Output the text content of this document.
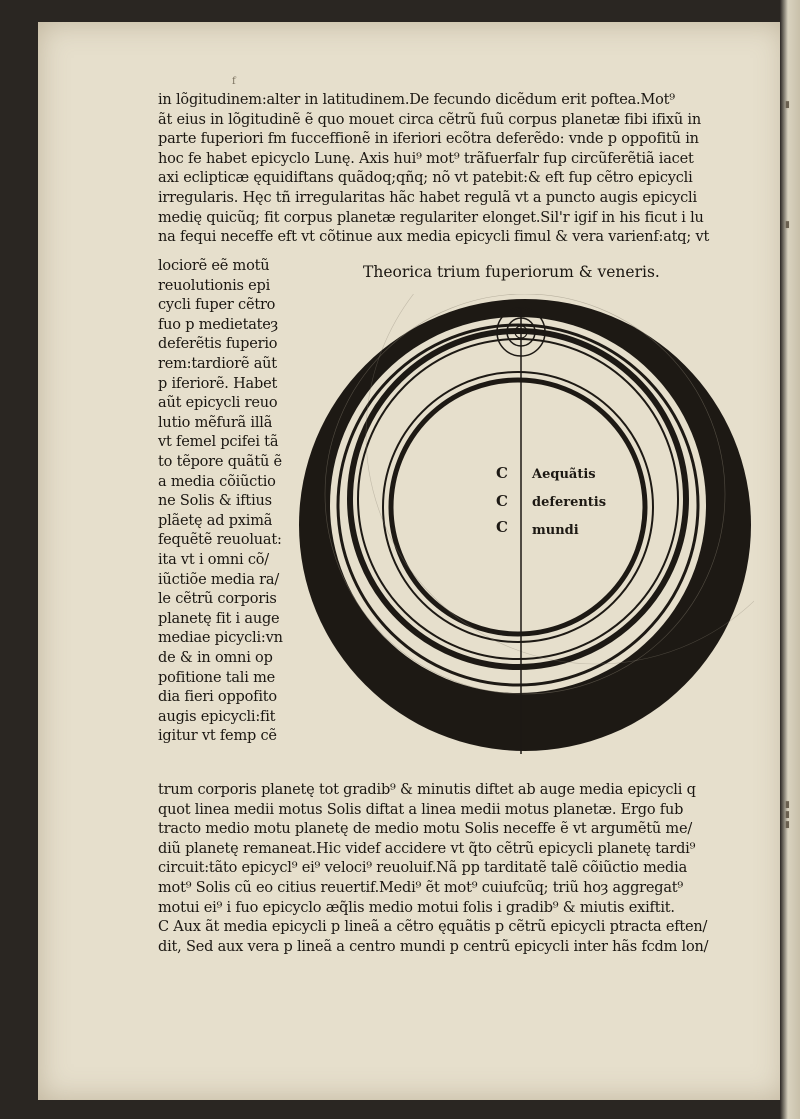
▮
▮
▮
▮
▮
f
in lõgitudinem:alter in latitudinem.De fecundo dicẽdum erit poftea.Mot⁹
ãt eius in lõgitudinẽ ẽ quo mouet circa cẽtrũ fuũ corpus planetæ fibi ifixũ in
parte fuperiori fm fucceffionẽ in iferiori ecõtra deferẽdo: vnde p oppofitũ in
hoc fe habet epicyclo Lunę. Axis hui⁹ mot⁹ trãfuerfalr fup circũferẽtiã iacet
axi eclipticæ ęquidiftans quãdoq;qñq; nõ vt patebit:& eft fup cẽtro epicycli
irregularis. Hęc tñ irregularitas hãc habet regulã vt a puncto augis epicycli
medię quicũq; fit corpus planetæ regulariter elonget.Sil'r igif in his ficut i lu
na fequi neceffe eft vt cõtinue aux media epicycli fimul & vera varienf:atq; vt
Theorica trium fuperiorum & veneris.
C
C
C
Aequãtis
deferentis
mundi
lociorẽ eẽ motũ
reuolutionis epi
cycli fuper cẽtro
fuo p medietateȝ
deferẽtis fuperio
rem:tardiorẽ aũt
p iferiorẽ. Habet
aũt epicycli reuo
lutio mẽfurã illã
vt femel pcifei tã
to tẽpore quãtũ ẽ
a media cõiũctio
ne Solis & iftius
plãetę ad pximã
fequẽtẽ reuoluat:
ita vt i omni cõ/
iũctiõe media ra/
le cẽtrũ corporis
planetę fit i auge
mediae picycli:vn
de & in omni op
pofitione tali me
dia fieri oppofito
augis epicycli:fit
igitur vt femp cẽ
trum corporis planetę tot gradib⁹ & minutis diftet ab auge media epicycli q
quot linea medii motus Solis diftat a linea medii motus planetæ. Ergo fub
tracto medio motu planetę de medio motu Solis neceffe ẽ vt argumẽtũ me/
diũ planetę remaneat.Hic videf accidere vt q̃to cẽtrũ epicycli planetę tardi⁹
circuit:tãto epicycl⁹ ei⁹ veloci⁹ reuoluif.Nã pp tarditatẽ talẽ cõiũctio media
mot⁹ Solis cũ eo citius reuertif.Medi⁹ ẽt mot⁹ cuiufcũq; triũ hoȝ aggregat⁹
motui ei⁹ i fuo epicyclo æq̃lis medio motui folis i gradib⁹ & miutis exiftit.
C Aux ãt media epicycli p lineã a cẽtro ęquãtis p cẽtrũ epicycli ptracta eften/
dit, Sed aux vera p lineã a centro mundi p centrũ epicycli inter hãs fcdm lon/
